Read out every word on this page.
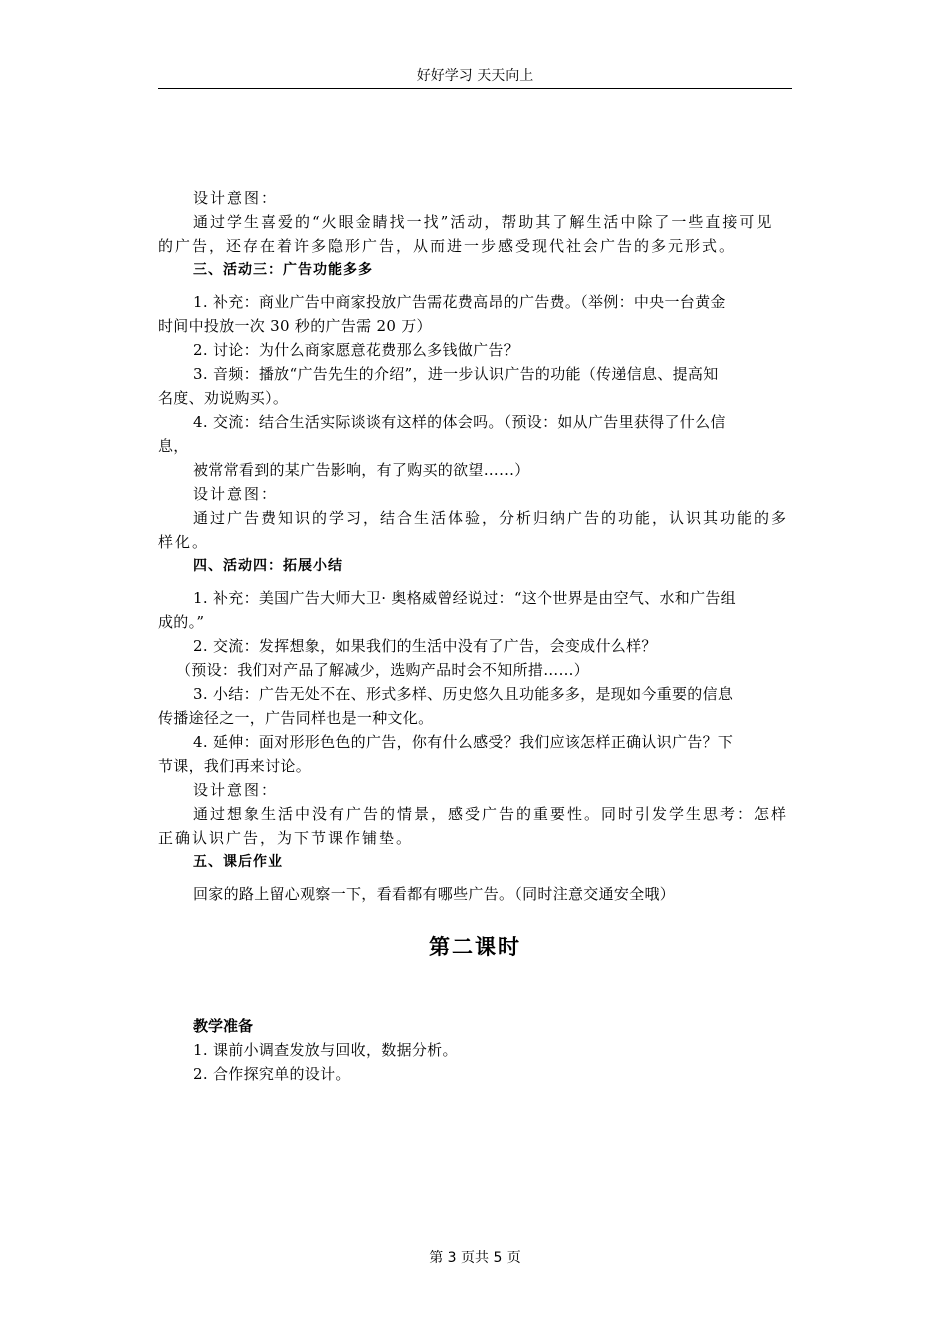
好好学习 天天向上
设计意图：
通过学生喜爱的“火眼金睛找一找”活动，帮助其了解生活中除了一些直接可见
的广告，还存在着许多隐形广告，从而进一步感受现代社会广告的多元形式。
三、活动三：广告功能多多
1. 补充：商业广告中商家投放广告需花费高昂的广告费。（举例：中央一台黄金
时间中投放一次 30 秒的广告需 20 万）
2. 讨论：为什么商家愿意花费那么多钱做广告？
3. 音频：播放“广告先生的介绍”，进一步认识广告的功能（传递信息、提高知
名度、劝说购买）。
4. 交流：结合生活实际谈谈有这样的体会吗。（预设：如从广告里获得了什么信
息，
被常常看到的某广告影响，有了购买的欲望……）
设计意图：
通过广告费知识的学习，结合生活体验，分析归纳广告的功能，认识其功能的多
样化。
四、活动四：拓展小结
1. 补充：美国广告大师大卫· 奥格威曾经说过：“这个世界是由空气、水和广告组
成的。”
2. 交流：发挥想象，如果我们的生活中没有了广告，会变成什么样？
（预设：我们对产品了解减少，选购产品时会不知所措……）
3. 小结：广告无处不在、形式多样、历史悠久且功能多多，是现如今重要的信息
传播途径之一，广告同样也是一种文化。
4. 延伸：面对形形色色的广告，你有什么感受？我们应该怎样正确认识广告？下
节课，我们再来讨论。
设计意图：
通过想象生活中没有广告的情景，感受广告的重要性。同时引发学生思考：怎样
正确认识广告，为下节课作铺垫。
五、课后作业
回家的路上留心观察一下，看看都有哪些广告。（同时注意交通安全哦）
第二课时
教学准备
1. 课前小调查发放与回收，数据分析。
2. 合作探究单的设计。
第 3 页共 5 页
